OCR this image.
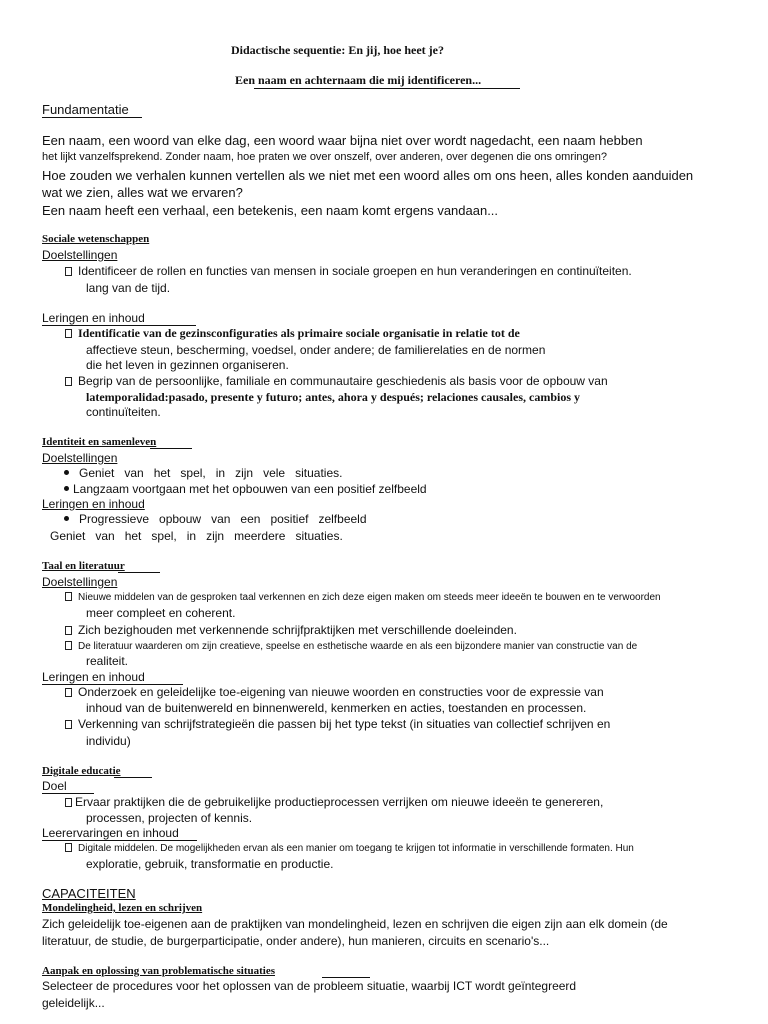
Didactische sequentie: En jij, hoe heet je?
Een naam en achternaam die mij identificeren...
Fundamentatie
Een naam, een woord van elke dag, een woord waar bijna niet over wordt nagedacht, een naam hebben
het lijkt vanzelfsprekend. Zonder naam, hoe praten we over onszelf, over anderen, over degenen die ons omringen?
Hoe zouden we verhalen kunnen vertellen als we niet met een woord alles om ons heen, alles konden aanduiden
wat we zien, alles wat we ervaren?
Een naam heeft een verhaal, een betekenis, een naam komt ergens vandaan...
Sociale wetenschappen
Doelstellingen
Identificeer de rollen en functies van mensen in sociale groepen en hun veranderingen en continuïteiten.
lang van de tijd.
Leringen en inhoud
Identificatie van de gezinsconfiguraties als primaire sociale organisatie in relatie tot de
affectieve steun, bescherming, voedsel, onder andere; de familierelaties en de normen
die het leven in gezinnen organiseren.
Begrip van de persoonlijke, familiale en communautaire geschiedenis als basis voor de opbouw van
latemporalidad:pasado, presente y futuro; antes, ahora y después; relaciones causales, cambios y
continuïteiten.
Identiteit en samenleven
Doelstellingen
Geniet   van   het   spel,   in   zijn   vele   situaties.
Langzaam voortgaan met het opbouwen van een positief zelfbeeld
Leringen en inhoud
Progressieve   opbouw   van   een   positief   zelfbeeld
Geniet   van   het   spel,   in   zijn   meerdere   situaties.
Taal en literatuur
Doelstellingen
Nieuwe middelen van de gesproken taal verkennen en zich deze eigen maken om steeds meer ideeën te bouwen en te verwoorden
meer compleet en coherent.
Zich bezighouden met verkennende schrijfpraktijken met verschillende doeleinden.
De literatuur waarderen om zijn creatieve, speelse en esthetische waarde en als een bijzondere manier van constructie van de
realiteit.
Leringen en inhoud
Onderzoek en geleidelijke toe-eigening van nieuwe woorden en constructies voor de expressie van
inhoud van de buitenwereld en binnenwereld, kenmerken en acties, toestanden en processen.
Verkenning van schrijfstrategieën die passen bij het type tekst (in situaties van collectief schrijven en
individu)
Digitale educatie
Doel
Ervaar praktijken die de gebruikelijke productieprocessen verrijken om nieuwe ideeën te genereren,
processen, projecten of kennis.
Leerervaringen en inhoud
Digitale middelen. De mogelijkheden ervan als een manier om toegang te krijgen tot informatie in verschillende formaten. Hun
exploratie, gebruik, transformatie en productie.
CAPACITEITEN
Mondelingheid, lezen en schrijven
Zich geleidelijk toe-eigenen aan de praktijken van mondelingheid, lezen en schrijven die eigen zijn aan elk domein (de
literatuur, de studie, de burgerparticipatie, onder andere), hun manieren, circuits en scenario's...
Aanpak en oplossing van problematische situaties
Selecteer de procedures voor het oplossen van de probleem situatie, waarbij ICT wordt geïntegreerd
geleidelijk...
